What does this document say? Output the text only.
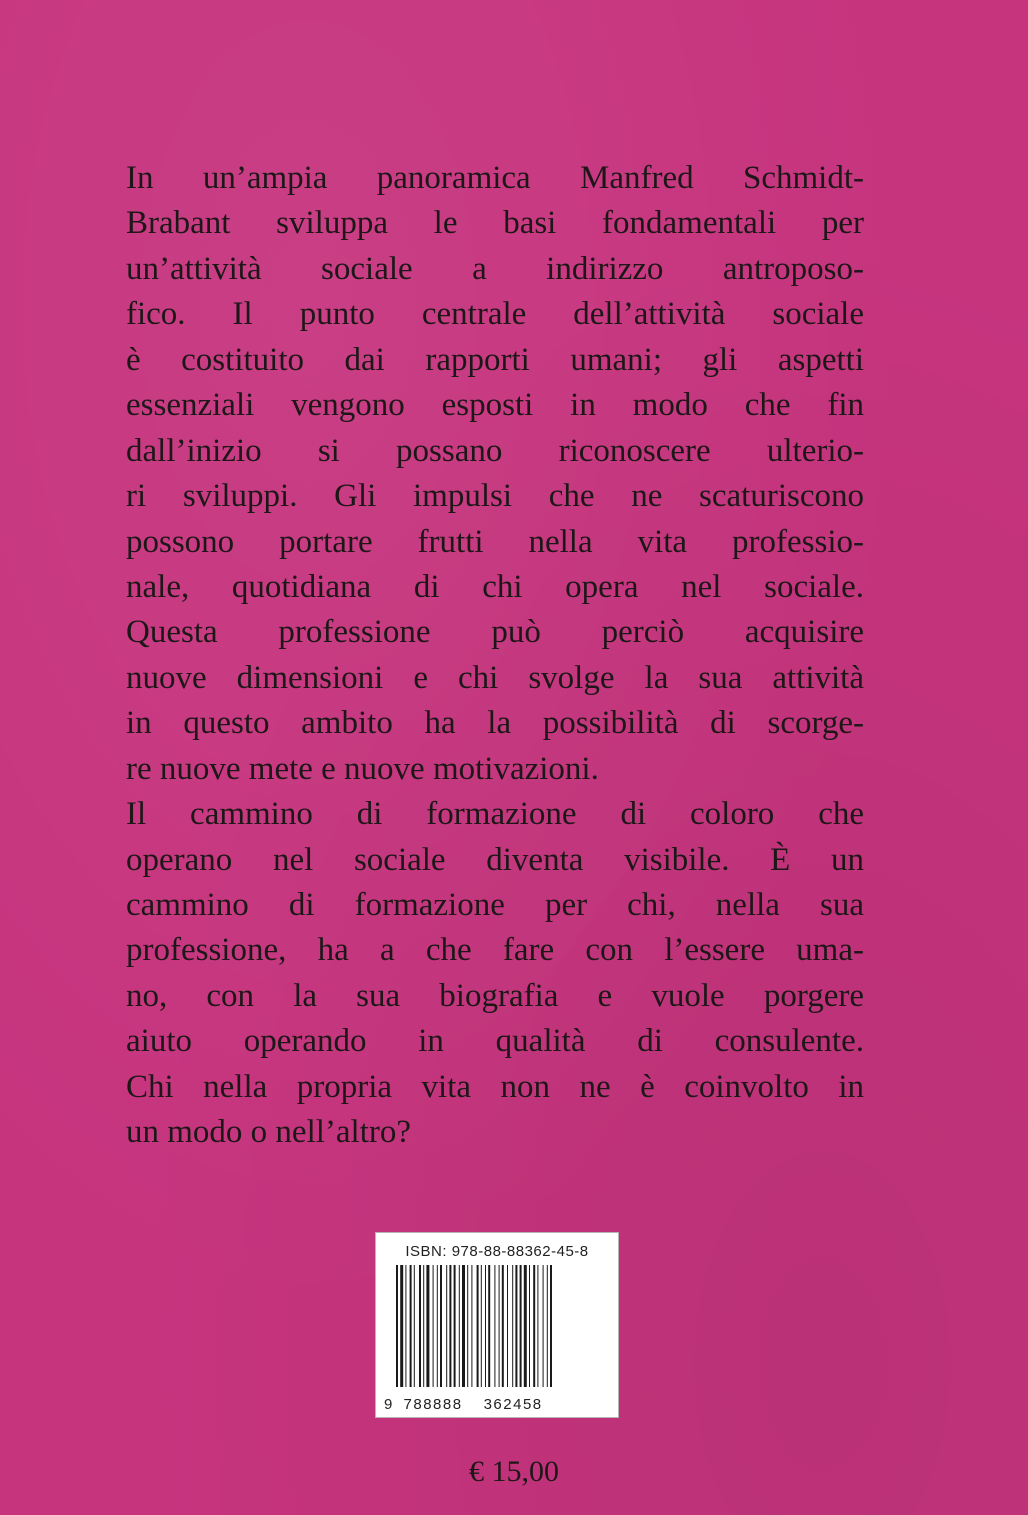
In un’ampia panoramica Manfred Schmidt-
Brabant sviluppa le basi fondamentali per
un’attività sociale a indirizzo antroposo-
fico. Il punto centrale dell’attività sociale
è costituito dai rapporti umani; gli aspetti
essenziali vengono esposti in modo che fin
dall’inizio si possano riconoscere ulterio-
ri sviluppi. Gli impulsi che ne scaturiscono
possono portare frutti nella vita professio-
nale, quotidiana di chi opera nel sociale.
Questa professione può perciò acquisire
nuove dimensioni e chi svolge la sua attività
in questo ambito ha la possibilità di scorge-
re nuove mete e nuove motivazioni.
Il cammino di formazione di coloro che
operano nel sociale diventa visibile. È un
cammino di formazione per chi, nella sua
professione, ha a che fare con l’essere uma-
no, con la sua biografia e vuole porgere
aiuto operando in qualità di consulente.
Chi nella propria vita non ne è coinvolto in
un modo o nell’altro?
ISBN: 978-88-88362-45-8
9 788888 362458
€ 15,00
